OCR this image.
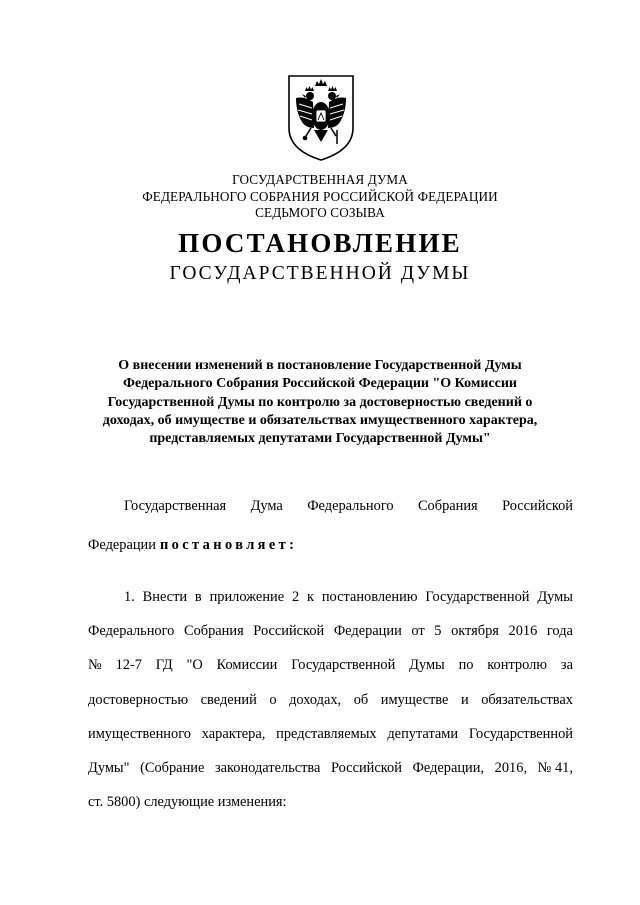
ГОСУДАРСТВЕННАЯ ДУМА
ФЕДЕРАЛЬНОГО СОБРАНИЯ РОССИЙСКОЙ ФЕДЕРАЦИИ
СЕДЬМОГО СОЗЫВА
ПОСТАНОВЛЕНИЕ
ГОСУДАРСТВЕННОЙ ДУМЫ
О внесении изменений в постановление Государственной Думы
Федерального Собрания Российской Федерации "О Комиссии
Государственной Думы по контролю за достоверностью сведений о
доходах, об имуществе и обязательствах имущественного характера,
представляемых депутатами Государственной Думы"
Государственная Дума Федерального Собрания Российской
Федерации постановляет:
1. Внести в приложение 2 к постановлению Государственной Думы
Федерального Собрания Российской Федерации от 5 октября 2016 года
№ 12-7 ГД "О Комиссии Государственной Думы по контролю за
достоверностью сведений о доходах, об имуществе и обязательствах
имущественного характера, представляемых депутатами Государственной
Думы" (Собрание законодательства Российской Федерации, 2016, № 41,
ст. 5800) следующие изменения:
